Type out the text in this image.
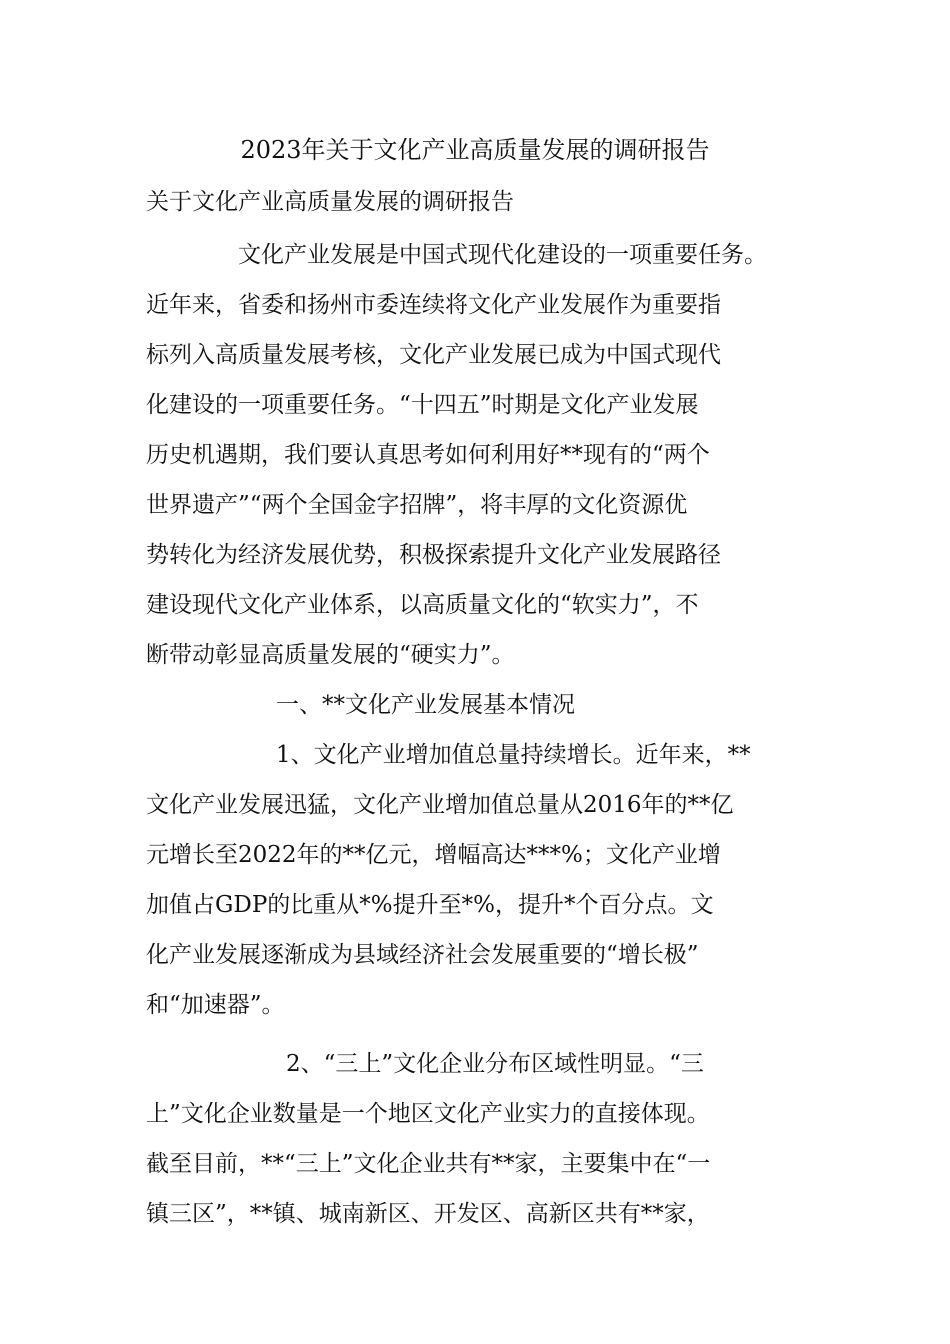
2023年关于文化产业高质量发展的调研报告
关于文化产业高质量发展的调研报告

文化产业发展是中国式现代化建设的一项重要任务。

近年来，省委和扬州市委连续将文化产业发展作为重要指

标列入高质量发展考核，文化产业发展已成为中国式现代

化建设的一项重要任务。“十四五”时期是文化产业发展

历史机遇期，我们要认真思考如何利用好**现有的“两个

世界遗产”“两个全国金字招牌”，将丰厚的文化资源优

势转化为经济发展优势，积极探索提升文化产业发展路径

建设现代文化产业体系，以高质量文化的“软实力”，不

断带动彰显高质量发展的“硬实力”。

一、**文化产业发展基本情况

1、文化产业增加值总量持续增长。近年来，**

文化产业发展迅猛，文化产业增加值总量从2016年的**亿

元增长至2022年的**亿元，增幅高达***%；文化产业增

加值占GDP的比重从*%提升至*%，提升*个百分点。文

化产业发展逐渐成为县域经济社会发展重要的“增长极”

和“加速器”。

2、“三上”文化企业分布区域性明显。“三

上”文化企业数量是一个地区文化产业实力的直接体现。

截至目前，**“三上”文化企业共有**家，主要集中在“一

镇三区”，**镇、城南新区、开发区、高新区共有**家，
